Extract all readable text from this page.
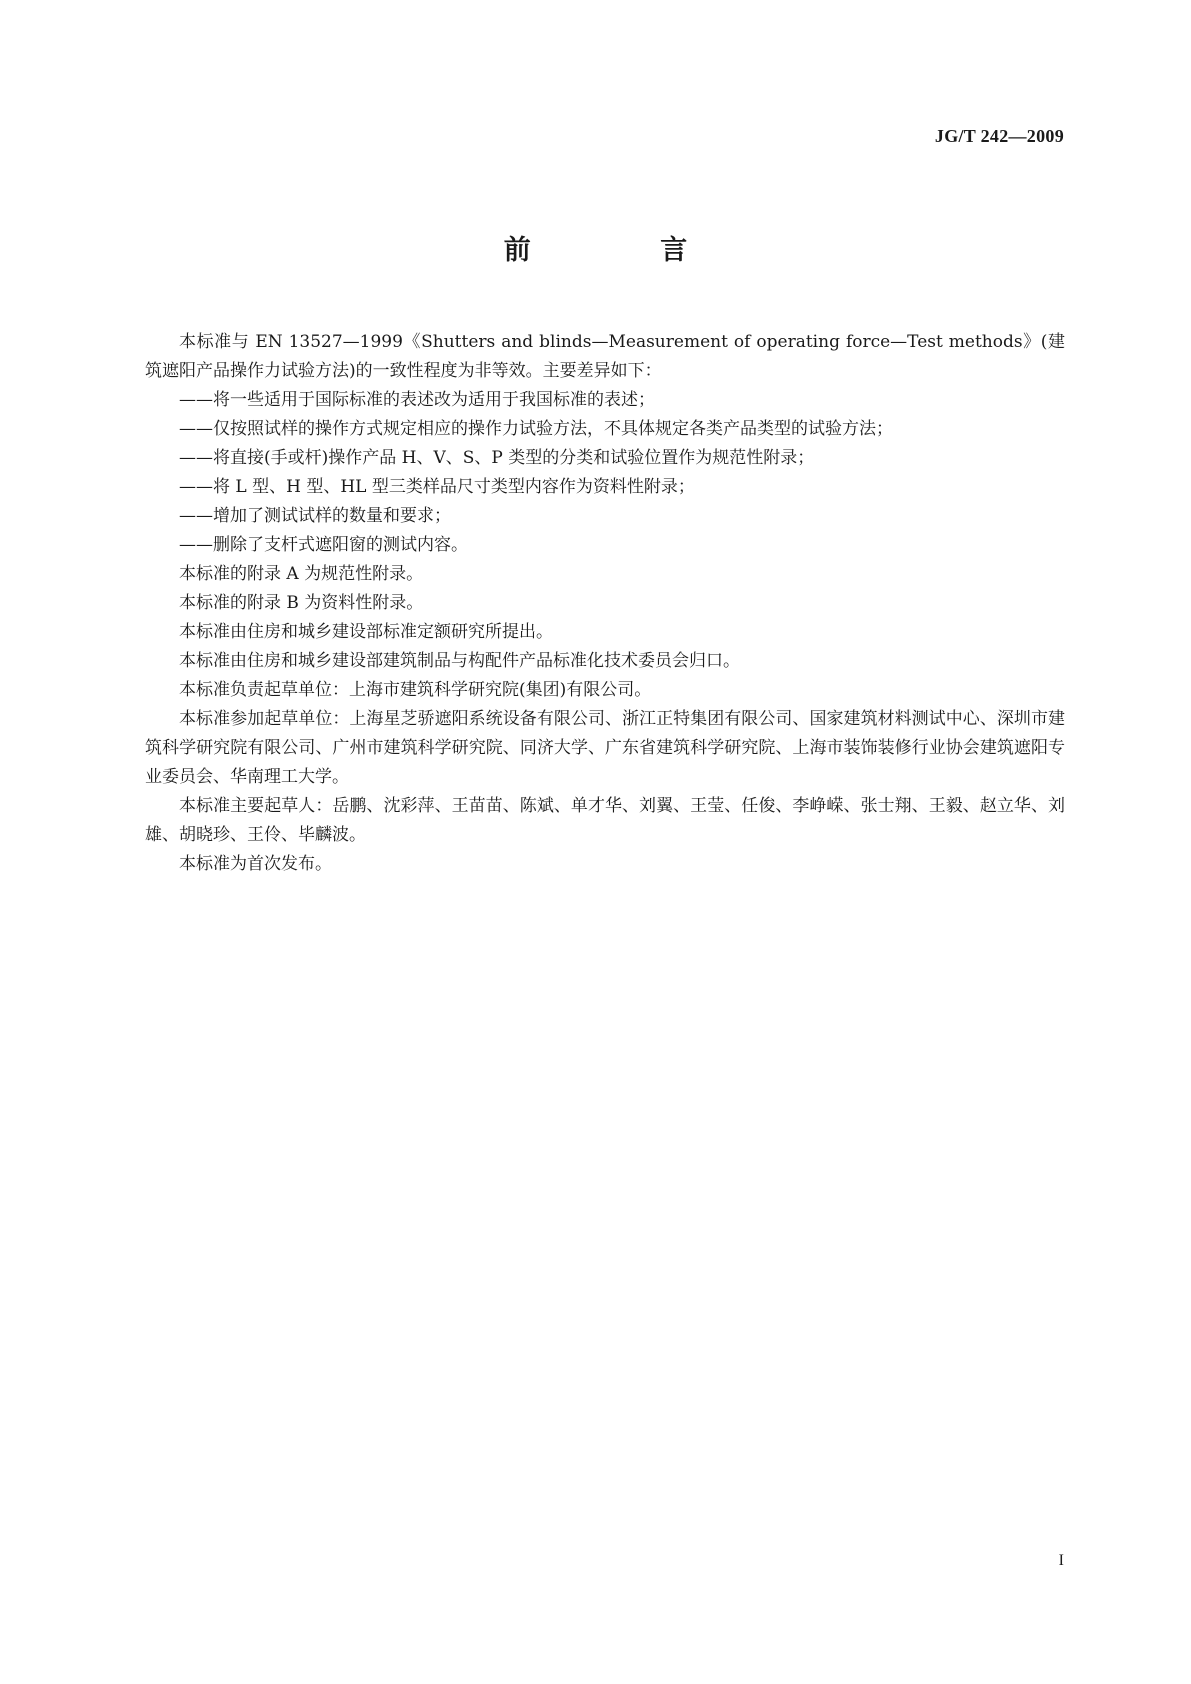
JG/T 242—2009
前 言

本标准与 EN 13527—1999《Shutters and blinds—Measurement of operating force—Test methods》(建筑遮阳产品操作力试验方法)的一致性程度为非等效。主要差异如下：

——将一些适用于国际标准的表述改为适用于我国标准的表述；

——仅按照试样的操作方式规定相应的操作力试验方法，不具体规定各类产品类型的试验方法；

——将直接(手或杆)操作产品 H、V、S、P 类型的分类和试验位置作为规范性附录；

——将 L 型、H 型、HL 型三类样品尺寸类型内容作为资料性附录；

——增加了测试试样的数量和要求；

——删除了支杆式遮阳窗的测试内容。

本标准的附录 A 为规范性附录。

本标准的附录 B 为资料性附录。

本标准由住房和城乡建设部标准定额研究所提出。

本标准由住房和城乡建设部建筑制品与构配件产品标准化技术委员会归口。

本标准负责起草单位：上海市建筑科学研究院(集团)有限公司。

本标准参加起草单位：上海星芝骄遮阳系统设备有限公司、浙江正特集团有限公司、国家建筑材料测试中心、深圳市建筑科学研究院有限公司、广州市建筑科学研究院、同济大学、广东省建筑科学研究院、上海市装饰装修行业协会建筑遮阳专业委员会、华南理工大学。

本标准主要起草人：岳鹏、沈彩萍、王苗苗、陈斌、单才华、刘翼、王莹、任俊、李峥嵘、张士翔、王毅、赵立华、刘雄、胡晓珍、王伶、毕麟波。

本标准为首次发布。

I
